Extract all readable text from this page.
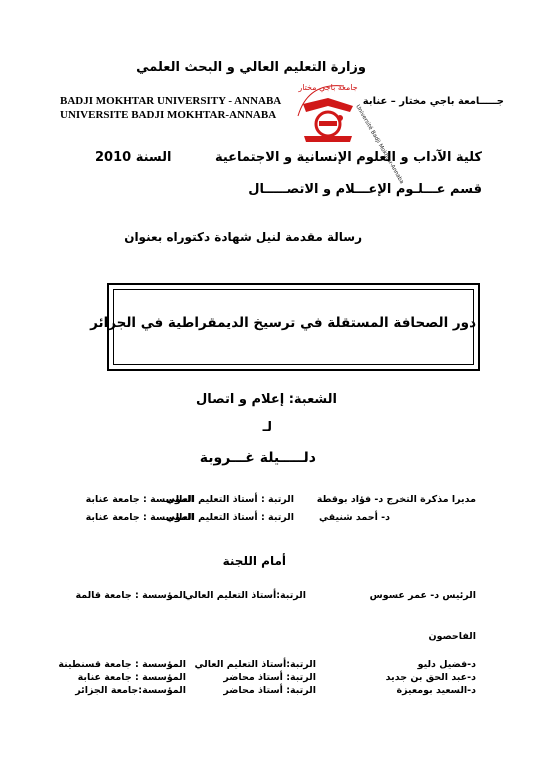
وزارة التعليم العالي و البحث العلمي
جـــــامعة باجي مختار – عنابة
BADJI MOKHTAR UNIVERSITY - ANNABA
UNIVERSITE BADJI MOKHTAR-ANNABA
جامعة باجي مختار
Université Badji Mokhtar-Annaba
كلية الآداب و العلوم الإنسانية و الاجتماعية
السنة 2010
قسم عـــلـوم الإعـــلام و الاتصـــــال
رسالة مقدمة لنيل شهادة دكتوراه بعنوان
دور الصحافة المستقلة في ترسيخ الديمقراطية في الجزائر
الشعبة: إعلام و اتصال
لـ
دلـــــيلة غـــروبة
مديرا مذكرة التخرج د- فؤاد بوقطة
الرتبة : أستاذ التعليم العالي
المؤسسة : جامعة عنابة
د- أحمد شنيقي
الرتبة : أستاذ التعليم العالي
المؤسسة : جامعة عنابة
أمام اللجنة
الرئيس د- عمر عسوس
الرتبة:أستاذ التعليم العالي
المؤسسة : جامعة قالمة
الفاحصون
د-فضيل دليو
الرتبة:أستاذ التعليم العالي
المؤسسة : جامعة قسنطينة
د-عبد الحق بن جديد
الرتبة: أستاذ محاضر
المؤسسة : جامعة عنابة
د-السعيد بومعيزة
الرتبة: أستاذ محاضر
المؤسسة:جامعة الجزائر
